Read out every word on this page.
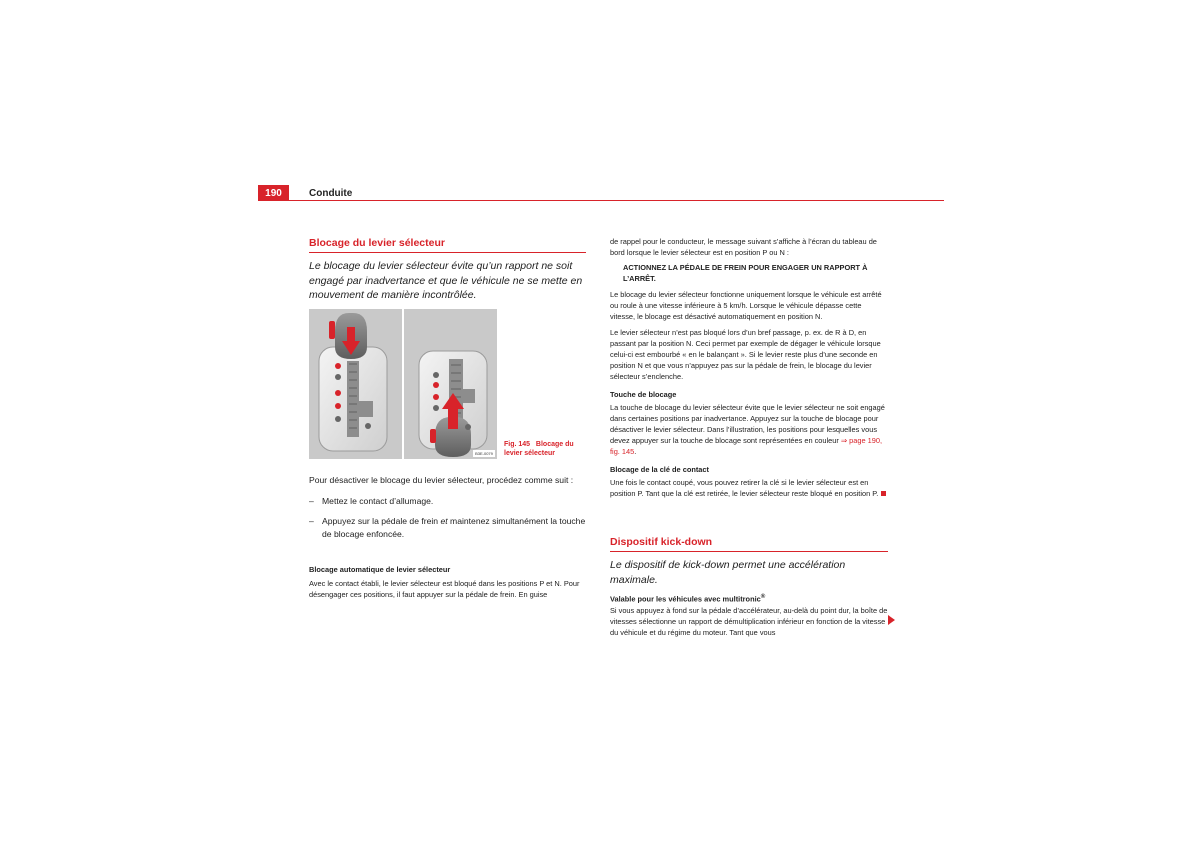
190	Conduite
Blocage du levier sélecteur
Le blocage du levier sélecteur évite qu’un rapport ne soit engagé par inadvertance et que le véhicule ne se mette en mouvement de manière incontrôlée.
B3E-0079
Fig. 145 Blocage du levier sélecteur

Pour désactiver le blocage du levier sélecteur, procédez comme suit :

– Mettez le contact d’allumage.
– Appuyez sur la pédale de frein et maintenez simultanément la touche de blocage enfoncée.
Blocage automatique de levier sélecteur

Avec le contact établi, le levier sélecteur est bloqué dans les positions P et N. Pour désengager ces positions, il faut appuyer sur la pédale de frein. En guise

de rappel pour le conducteur, le message suivant s’affiche à l’écran du tableau de bord lorsque le levier sélecteur est en position P ou N :

ACTIONNEZ LA PÉDALE DE FREIN POUR ENGAGER UN RAPPORT À L’ARRÊT.

Le blocage du levier sélecteur fonctionne uniquement lorsque le véhicule est arrêté ou roule à une vitesse inférieure à 5 km/h. Lorsque le véhicule dépasse cette vitesse, le blocage est désactivé automatiquement en position N.

Le levier sélecteur n’est pas bloqué lors d’un bref passage, p. ex. de R à D, en passant par la position N. Ceci permet par exemple de dégager le véhicule lorsque celui-ci est embourbé « en le balançant ». Si le levier reste plus d’une seconde en position N et que vous n’appuyez pas sur la pédale de frein, le blocage du levier sélecteur s’enclenche.

Touche de blocage

La touche de blocage du levier sélecteur évite que le levier sélecteur ne soit engagé dans certaines positions par inadvertance. Appuyez sur la touche de blocage pour désactiver le levier sélecteur. Dans l’illustration, les positions pour lesquelles vous devez appuyer sur la touche de blocage sont représentées en couleur ⇒ page 190, fig. 145.

Blocage de la clé de contact

Une fois le contact coupé, vous pouvez retirer la clé si le levier sélecteur est en position P. Tant que la clé est retirée, le levier sélecteur reste bloqué en position P.

Dispositif kick-down
Le dispositif de kick-down permet une accélération maximale.
Valable pour les véhicules avec multitronic®

Si vous appuyez à fond sur la pédale d’accélérateur, au-delà du point dur, la boîte de vitesses sélectionne un rapport de démultiplication inférieur en fonction de la vitesse du véhicule et du régime du moteur. Tant que vous
